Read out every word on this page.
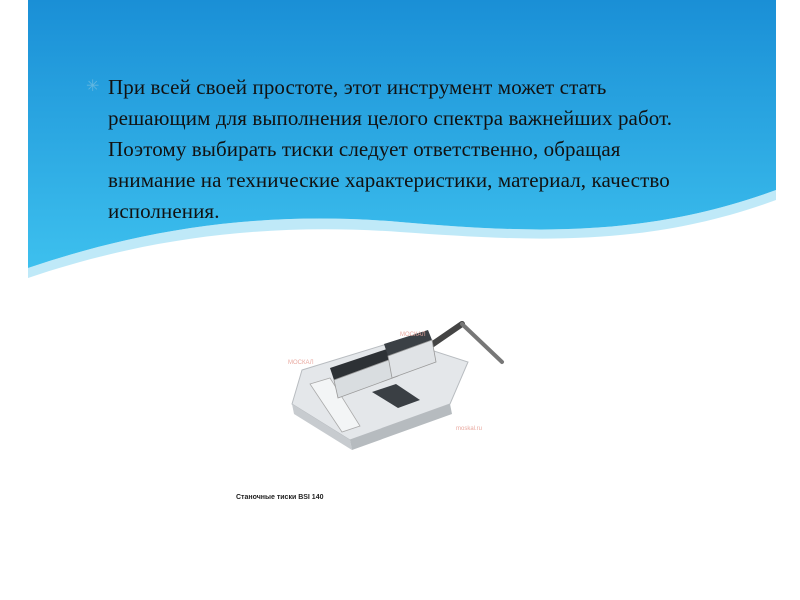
✳ При всей своей простоте, этот инструмент может стать решающим для выполнения целого спектра важнейших работ. Поэтому выбирать тиски следует ответственно, обращая внимание на технические характеристики, материал, качество исполнения.
МОСКАЛ
МОСКАЛ
moskal.ru
Станочные тиски BSI 140
